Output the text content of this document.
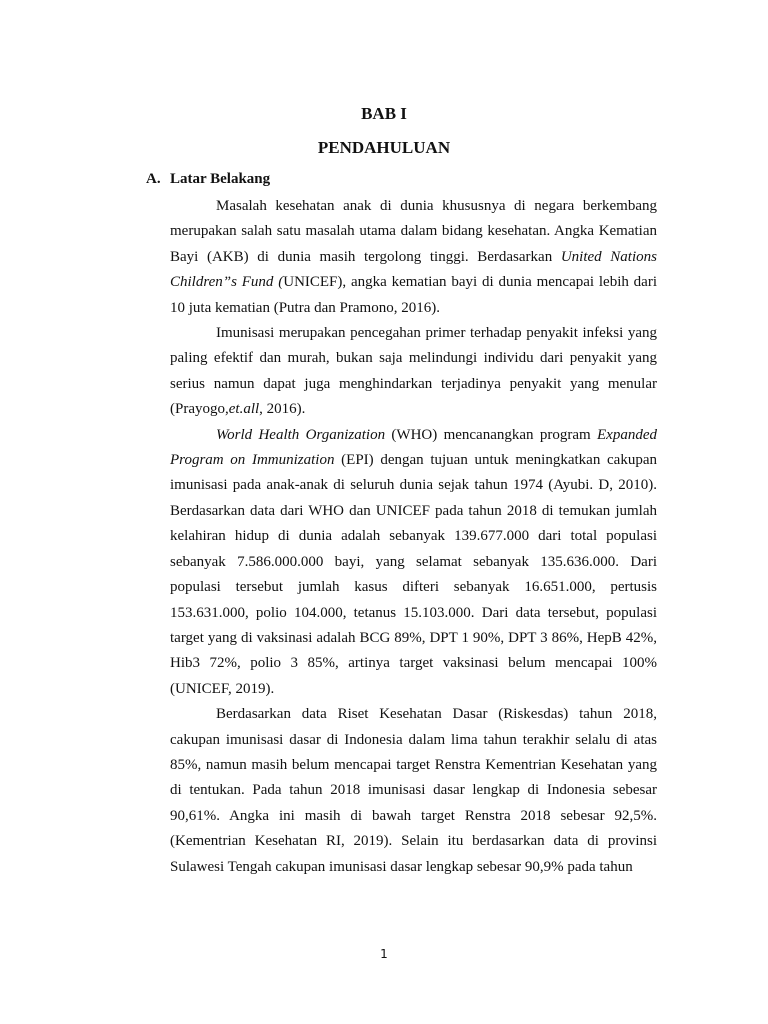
BAB I
PENDAHULUAN
A. Latar Belakang

Masalah kesehatan anak di dunia khususnya di negara berkembang merupakan salah satu masalah utama dalam bidang kesehatan. Angka Kematian Bayi (AKB) di dunia masih tergolong tinggi. Berdasarkan United Nations Children”s Fund (UNICEF), angka kematian bayi di dunia mencapai lebih dari 10 juta kematian (Putra dan Pramono, 2016).

Imunisasi merupakan pencegahan primer terhadap penyakit infeksi yang paling efektif dan murah, bukan saja melindungi individu dari penyakit yang serius namun dapat juga menghindarkan terjadinya penyakit yang menular (Prayogo,et.all, 2016).

World Health Organization (WHO) mencanangkan program Expanded Program on Immunization (EPI) dengan tujuan untuk meningkatkan cakupan imunisasi pada anak-anak di seluruh dunia sejak tahun 1974 (Ayubi. D, 2010). Berdasarkan data dari WHO dan UNICEF pada tahun 2018 di temukan jumlah kelahiran hidup di dunia adalah sebanyak 139.677.000 dari total populasi sebanyak 7.586.000.000 bayi, yang selamat sebanyak 135.636.000. Dari populasi tersebut jumlah kasus difteri sebanyak 16.651.000, pertusis 153.631.000, polio 104.000, tetanus 15.103.000. Dari data tersebut, populasi target yang di vaksinasi adalah BCG 89%, DPT 1 90%, DPT 3 86%, HepB 42%, Hib3 72%, polio 3 85%, artinya target vaksinasi belum mencapai 100% (UNICEF, 2019).

Berdasarkan data Riset Kesehatan Dasar (Riskesdas) tahun 2018, cakupan imunisasi dasar di Indonesia dalam lima tahun terakhir selalu di atas 85%, namun masih belum mencapai target Renstra Kementrian Kesehatan yang di tentukan. Pada tahun 2018 imunisasi dasar lengkap di Indonesia sebesar 90,61%. Angka ini masih di bawah target Renstra 2018 sebesar 92,5%. (Kementrian Kesehatan RI, 2019). Selain itu berdasarkan data di provinsi Sulawesi Tengah cakupan imunisasi dasar lengkap sebesar 90,9% pada tahun

1
